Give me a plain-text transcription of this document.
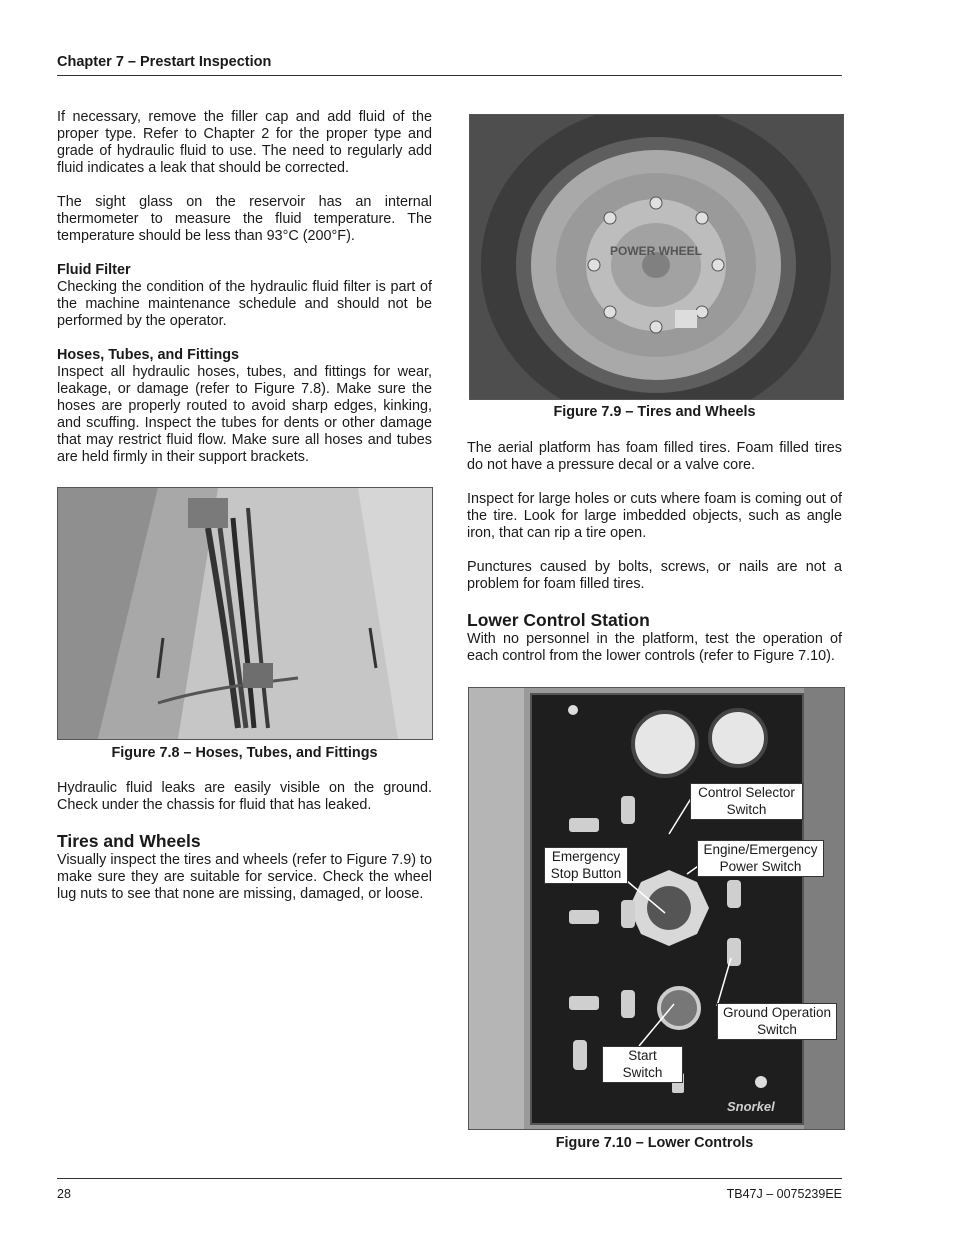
Chapter 7 – Prestart Inspection

If necessary, remove the filler cap and add fluid of the proper type. Refer to Chapter 2 for the proper type and grade of hydraulic fluid to use. The need to regularly add fluid indicates a leak that should be corrected.

The sight glass on the reservoir has an internal thermometer to measure the fluid temperature. The temperature should be less than 93°C (200°F).

Fluid Filter
Checking the condition of the hydraulic fluid filter is part of the machine maintenance schedule and should not be performed by the operator.

Hoses, Tubes, and Fittings
Inspect all hydraulic hoses, tubes, and fittings for wear, leakage, or damage (refer to Figure 7.8). Make sure the hoses are properly routed to avoid sharp edges, kinking, and scuffing. Inspect the tubes for dents or other damage that may restrict fluid flow. Make sure all hoses and tubes are held firmly in their support brackets.

Figure 7.8 – Hoses, Tubes, and Fittings

Hydraulic fluid leaks are easily visible on the ground. Check under the chassis for fluid that has leaked.

Tires and Wheels

Visually inspect the tires and wheels (refer to Figure 7.9) to make sure they are suitable for service. Check the wheel lug nuts to see that none are missing, damaged, or loose.

POWER WHEEL
Figure 7.9 – Tires and Wheels

The aerial platform has foam filled tires. Foam filled tires do not have a pressure decal or a valve core.

Inspect for large holes or cuts where foam is coming out of the tire. Look for large imbedded objects, such as angle iron, that can rip a tire open.

Punctures caused by bolts, screws, or nails are not a problem for foam filled tires.

Lower Control Station

With no personnel in the platform, test the operation of each control from the lower controls (refer to Figure 7.10).

Snorkel
Control Selector Switch
Engine/Emergency Power Switch
Emergency Stop Button
Ground Operation Switch
Start Switch
Figure 7.10 – Lower Controls
28	TB47J – 0075239EE
